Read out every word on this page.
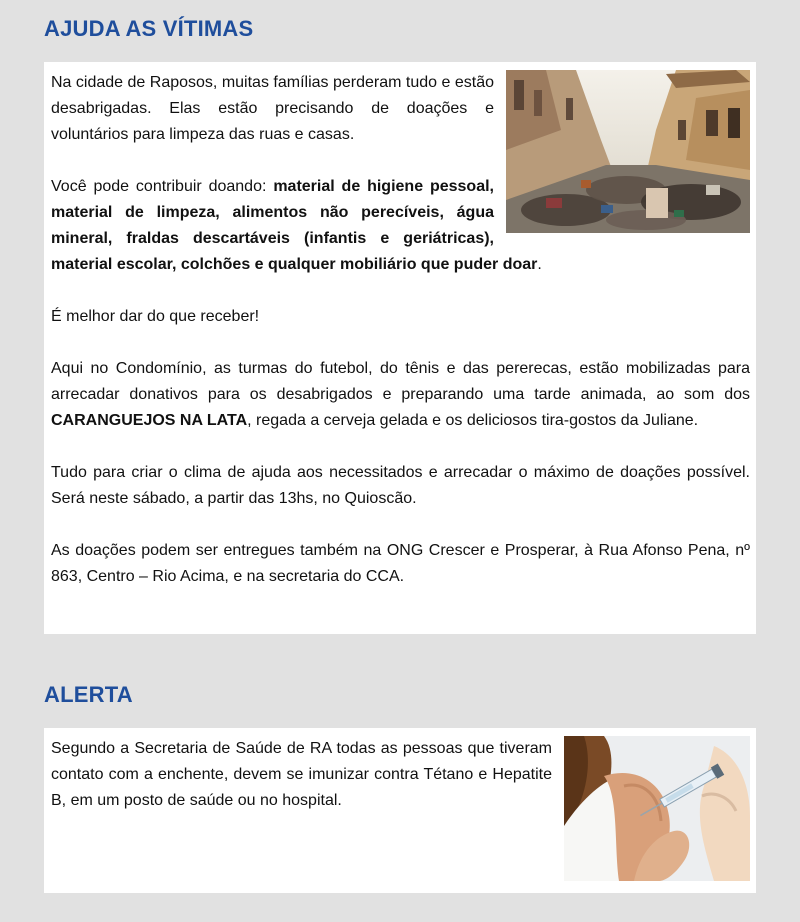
AJUDA AS VÍTIMAS

Na cidade de Raposos, muitas famílias perderam tudo e estão desabrigadas. Elas estão precisando de doações e voluntários para limpeza das ruas e casas.

Você pode contribuir doando: material de higiene pessoal, material de limpeza, alimentos não perecíveis, água mineral, fraldas descartáveis (infantis e geriátricas), material escolar, colchões e qualquer mobiliário que puder doar.

É melhor dar do que receber!

Aqui no Condomínio, as turmas do futebol, do tênis e das pererecas, estão mobilizadas para arrecadar donativos para os desabrigados e preparando uma tarde animada, ao som dos CARANGUEJOS NA LATA, regada a cerveja gelada e os deliciosos tira-gostos da Juliane.

Tudo para criar o clima de ajuda aos necessitados e arrecadar o máximo de doações possível. Será neste sábado, a partir das 13hs, no Quioscão.

As doações podem ser entregues também na ONG Crescer e Prosperar, à Rua Afonso Pena, nº 863, Centro – Rio Acima, e na secretaria do CCA.

ALERTA

Segundo a Secretaria de Saúde de RA todas as pessoas que tiveram contato com a enchente, devem se imunizar contra Tétano e Hepatite B, em um posto de saúde ou no hospital.
